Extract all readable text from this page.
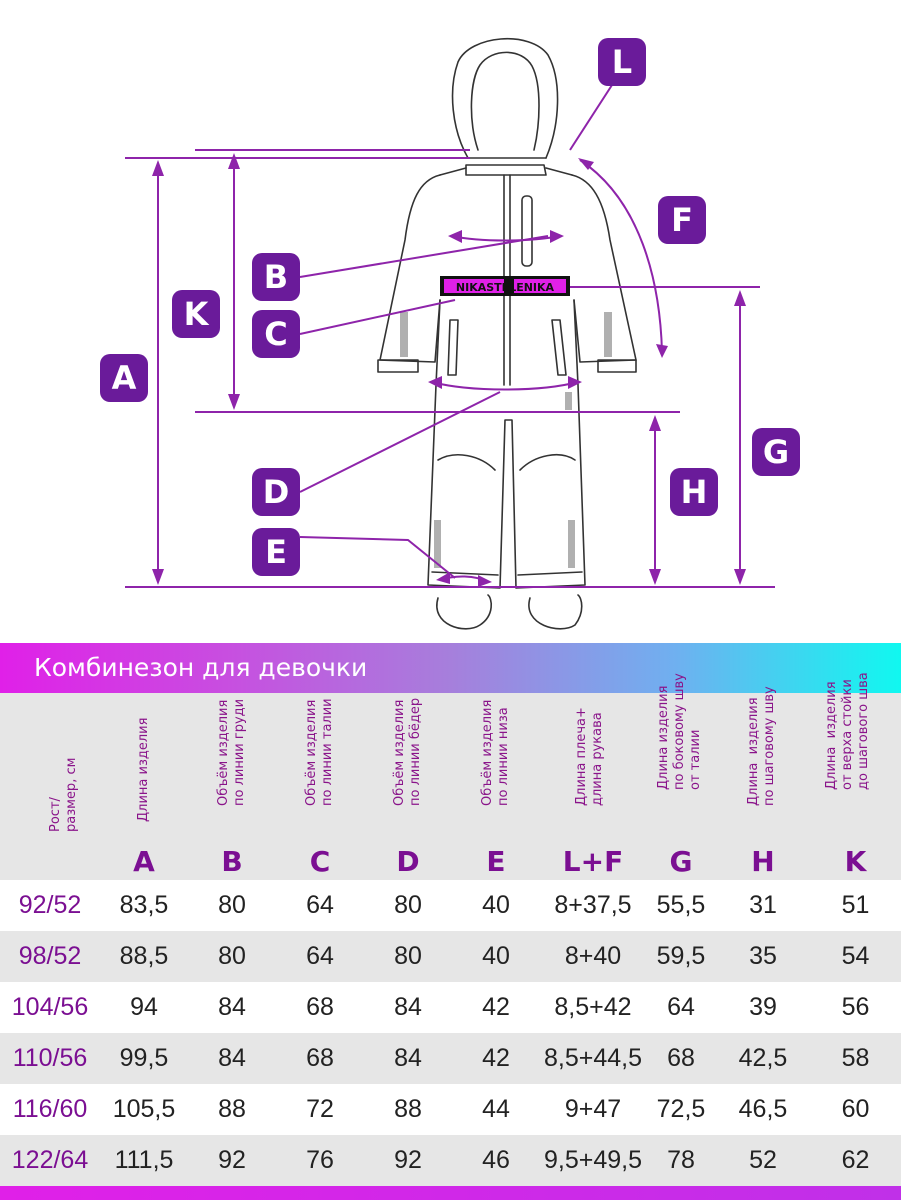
NIKASTELENIKA
L
F
B
K
C
A
G
D	H
E
Комбинезон для девочки
Рост/
размер, см	Длина изделия
A
Объём изделия
по линии груди
B
Объём изделия
по линии талии
C
Объём изделия
по линии бёдер
D
Объём изделия
по линии низа
E
Длина плеча+
длина рукава
L+F
Длина изделия
по боковому шву
от талии
G
Длина  изделия
по шаговому шву
H
Длина  изделия
от верха стойки
до шагового шва
K
92/52	83,5	80	64	80	40	8+37,5	55,5	31	51
98/52	88,5	80	64	80	40	8+40	59,5	35	54
104/56	94	84	68	84	42	8,5+42	64	39	56
110/56	99,5	84	68	84	42	8,5+44,5	68	42,5	58
116/60	105,5	88	72	88	44	9+47	72,5	46,5	60
122/64	111,5	92	76	92	46	9,5+49,5	78	52	62
